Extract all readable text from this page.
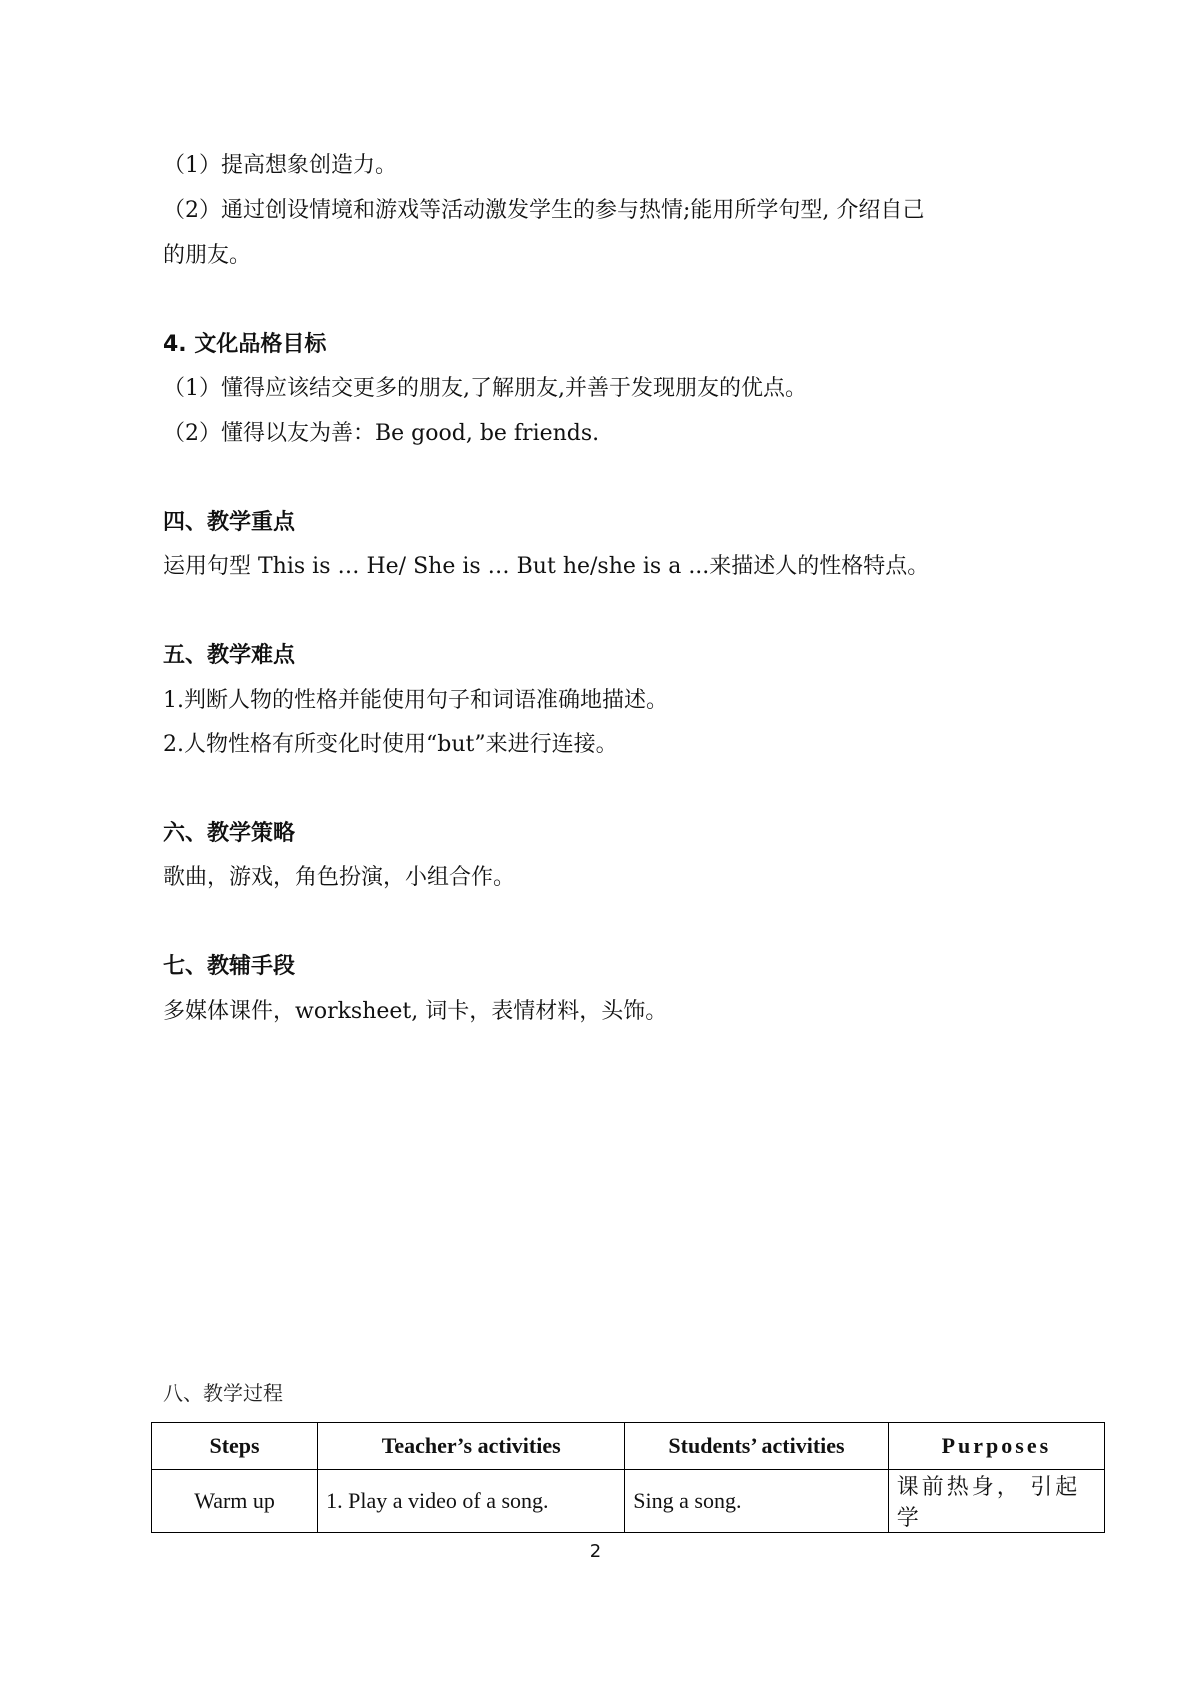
（1）提高想象创造力。
（2）通过创设情境和游戏等活动激发学生的参与热情;能用所学句型, 介绍自己
的朋友。
4. 文化品格目标
（1）懂得应该结交更多的朋友,了解朋友,并善于发现朋友的优点。
（2）懂得以友为善：Be good, be friends.
四、教学重点
运用句型 This is … He/ She is … But he/she is a ...来描述人的性格特点。
五、教学难点
1.判断人物的性格并能使用句子和词语准确地描述。
2.人物性格有所变化时使用“but”来进行连接。
六、教学策略
歌曲，游戏，角色扮演，小组合作。
七、教辅手段
多媒体课件，worksheet, 词卡，表情材料，头饰。
八、教学过程
Steps	Teacher’s activities	Students’ activities	Purposes
Warm up	1. Play a video of a song.	Sing a song.	课前热身， 引起学
2
